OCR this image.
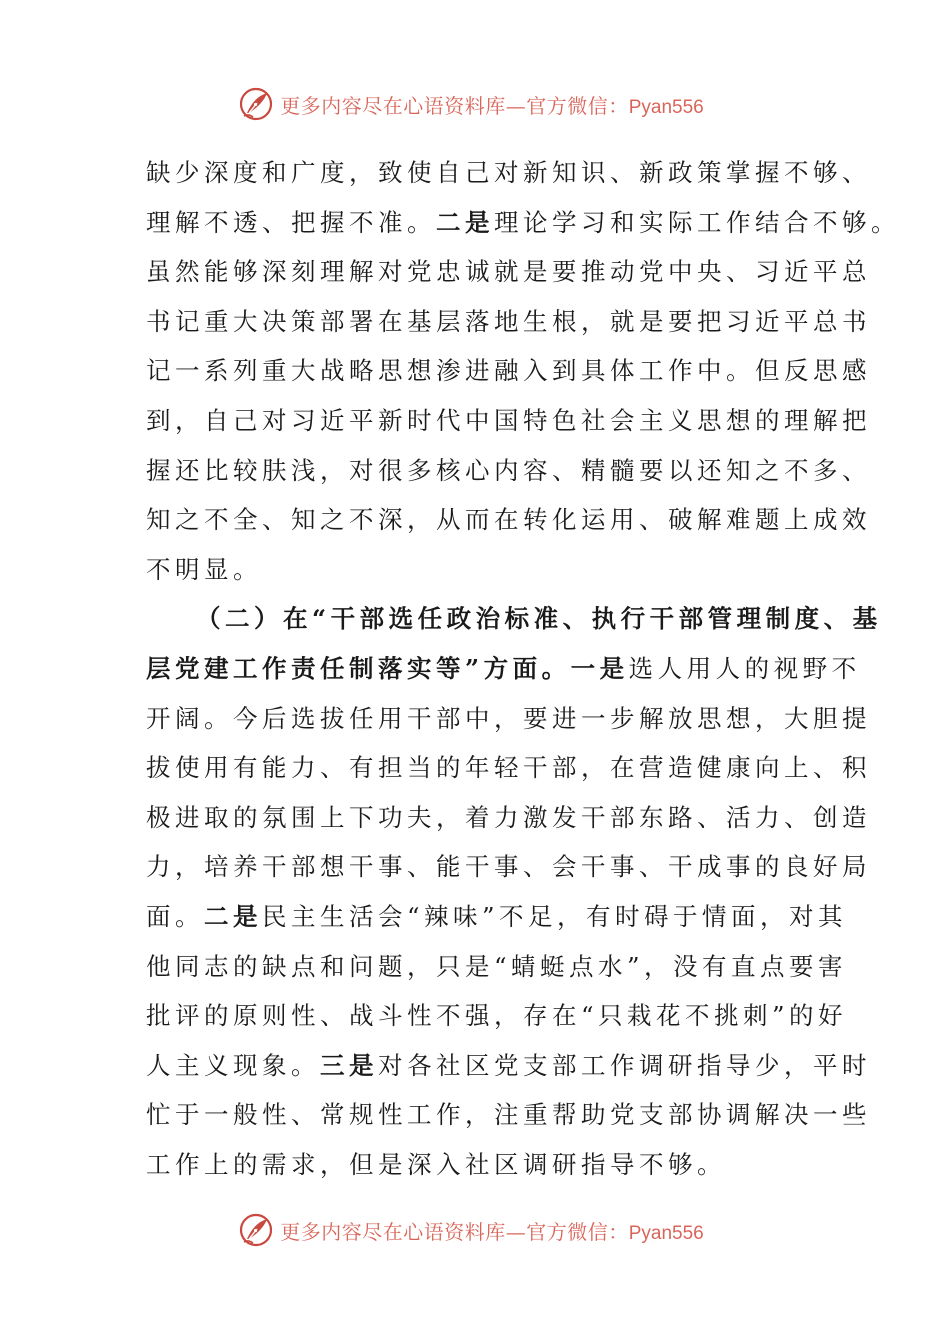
更多内容尽在心语资料库—官方微信：Pyan556

缺少深度和广度，致使自己对新知识、新政策掌握不够、
理解不透、把握不准。二是理论学习和实际工作结合不够。
虽然能够深刻理解对党忠诚就是要推动党中央、习近平总
书记重大决策部署在基层落地生根，就是要把习近平总书
记一系列重大战略思想渗进融入到具体工作中。但反思感
到，自己对习近平新时代中国特色社会主义思想的理解把
握还比较肤浅，对很多核心内容、精髓要以还知之不多、
知之不全、知之不深，从而在转化运用、破解难题上成效
不明显。

（二）在“干部选任政治标准、执行干部管理制度、基
层党建工作责任制落实等”方面。一是选人用人的视野不
开阔。今后选拔任用干部中，要进一步解放思想，大胆提
拔使用有能力、有担当的年轻干部，在营造健康向上、积
极进取的氛围上下功夫，着力激发干部东路、活力、创造
力，培养干部想干事、能干事、会干事、干成事的良好局
面。二是民主生活会“辣味”不足，有时碍于情面，对其
他同志的缺点和问题，只是“蜻蜓点水”，没有直点要害
批评的原则性、战斗性不强，存在“只栽花不挑刺”的好
人主义现象。三是对各社区党支部工作调研指导少，平时
忙于一般性、常规性工作，注重帮助党支部协调解决一些
工作上的需求，但是深入社区调研指导不够。

更多内容尽在心语资料库—官方微信：Pyan556
